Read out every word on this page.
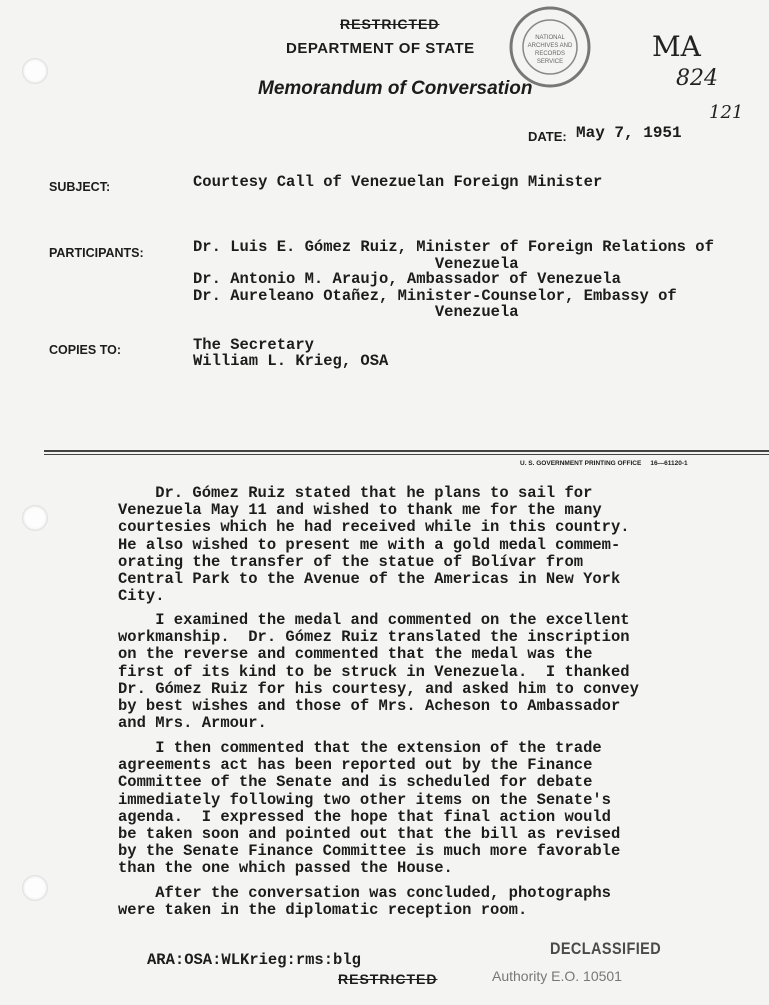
RESTRICTED
DEPARTMENT OF STATE
Memorandum of Conversation
NATIONAL
ARCHIVES AND
RECORDS
SERVICE	MA
824
121
DATE: May 7, 1951
SUBJECT:	Courtesy Call of Venezuelan Foreign Minister
PARTICIPANTS:	Dr. Luis E. Gómez Ruiz, Minister of Foreign Relations of
Venezuela
Dr. Antonio M. Araujo, Ambassador of Venezuela
Dr. Aureleano Otañez, Minister-Counselor, Embassy of
Venezuela
COPIES TO:	The Secretary
William L. Krieg, OSA
U. S. GOVERNMENT PRINTING OFFICE     16—61120-1
Dr. Gómez Ruiz stated that he plans to sail for
Venezuela May 11 and wished to thank me for the many
courtesies which he had received while in this country.
He also wished to present me with a gold medal commem-
orating the transfer of the statue of Bolívar from
Central Park to the Avenue of the Americas in New York
City.
I examined the medal and commented on the excellent
workmanship.  Dr. Gómez Ruiz translated the inscription
on the reverse and commented that the medal was the
first of its kind to be struck in Venezuela.  I thanked
Dr. Gómez Ruiz for his courtesy, and asked him to convey
by best wishes and those of Mrs. Acheson to Ambassador
and Mrs. Armour.
I then commented that the extension of the trade
agreements act has been reported out by the Finance
Committee of the Senate and is scheduled for debate
immediately following two other items on the Senate's
agenda.  I expressed the hope that final action would
be taken soon and pointed out that the bill as revised
by the Senate Finance Committee is much more favorable
than the one which passed the House.
After the conversation was concluded, photographs
were taken in the diplomatic reception room.
ARA:OSA:WLKrieg:rms:blg
DECLASSIFIED
RESTRICTED	Authority E.O. 10501
